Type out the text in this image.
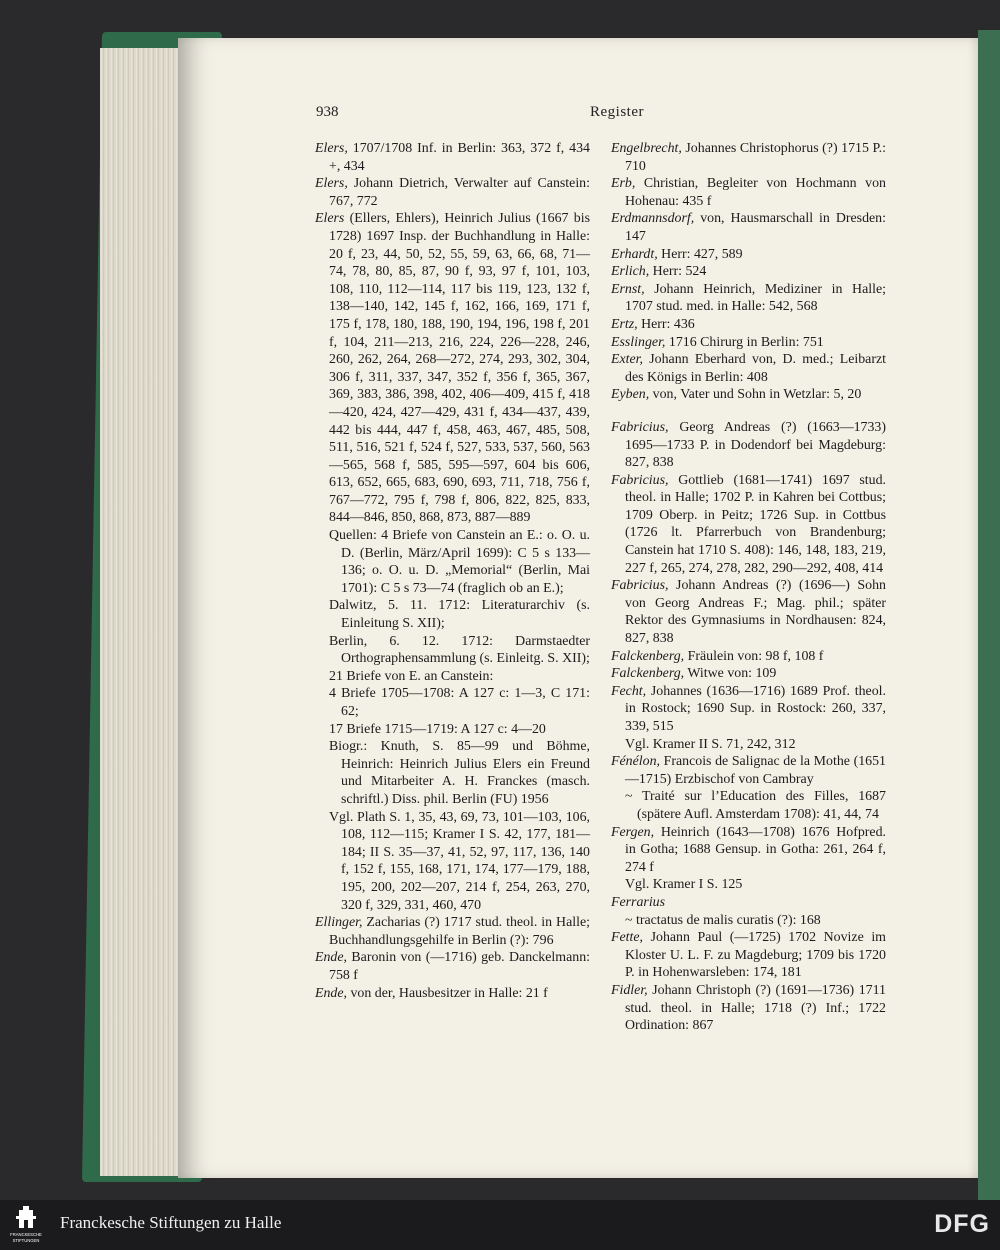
938	Register

Elers, 1707/1708 Inf. in Berlin: 363, 372 f, 434 +, 434

Elers, Johann Dietrich, Verwalter auf Canstein: 767, 772

Elers (Ellers, Ehlers), Heinrich Julius (1667 bis 1728) 1697 Insp. der Buchhandlung in Halle: 20 f, 23, 44, 50, 52, 55, 59, 63, 66, 68, 71—74, 78, 80, 85, 87, 90 f, 93, 97 f, 101, 103, 108, 110, 112—114, 117 bis 119, 123, 132 f, 138—140, 142, 145 f, 162, 166, 169, 171 f, 175 f, 178, 180, 188, 190, 194, 196, 198 f, 201 f, 104, 211—213, 216, 224, 226—228, 246, 260, 262, 264, 268—272, 274, 293, 302, 304, 306 f, 311, 337, 347, 352 f, 356 f, 365, 367, 369, 383, 386, 398, 402, 406—409, 415 f, 418—420, 424, 427—429, 431 f, 434—437, 439, 442 bis 444, 447 f, 458, 463, 467, 485, 508, 511, 516, 521 f, 524 f, 527, 533, 537, 560, 563—565, 568 f, 585, 595—597, 604 bis 606, 613, 652, 665, 683, 690, 693, 711, 718, 756 f, 767—772, 795 f, 798 f, 806, 822, 825, 833, 844—846, 850, 868, 873, 887—889

Quellen: 4 Briefe von Canstein an E.: o. O. u. D. (Berlin, März/April 1699): C 5 s 133—136; o. O. u. D. „Memorial“ (Berlin, Mai 1701): C 5 s 73—74 (fraglich ob an E.);

Dalwitz, 5. 11. 1712: Literaturarchiv (s. Einleitung S. XII);

Berlin, 6. 12. 1712: Darmstaedter Orthographensammlung (s. Einleitg. S. XII);

21 Briefe von E. an Canstein:

4 Briefe 1705—1708: A 127 c: 1—3, C 171: 62;

17 Briefe 1715—1719: A 127 c: 4—20

Biogr.: Knuth, S. 85—99 und Böhme, Heinrich: Heinrich Julius Elers ein Freund und Mitarbeiter A. H. Franckes (masch. schriftl.) Diss. phil. Berlin (FU) 1956

Vgl. Plath S. 1, 35, 43, 69, 73, 101—103, 106, 108, 112—115; Kramer I S. 42, 177, 181—184; II S. 35—37, 41, 52, 97, 117, 136, 140 f, 152 f, 155, 168, 171, 174, 177—179, 188, 195, 200, 202—207, 214 f, 254, 263, 270, 320 f, 329, 331, 460, 470

Ellinger, Zacharias (?) 1717 stud. theol. in Halle; Buchhandlungsgehilfe in Berlin (?): 796

Ende, Baronin von (—1716) geb. Danckelmann: 758 f

Ende, von der, Hausbesitzer in Halle: 21 f

Engelbrecht, Johannes Christophorus (?) 1715 P.: 710

Erb, Christian, Begleiter von Hochmann von Hohenau: 435 f

Erdmannsdorf, von, Hausmarschall in Dresden: 147

Erhardt, Herr: 427, 589

Erlich, Herr: 524

Ernst, Johann Heinrich, Mediziner in Halle; 1707 stud. med. in Halle: 542, 568

Ertz, Herr: 436

Esslinger, 1716 Chirurg in Berlin: 751

Exter, Johann Eberhard von, D. med.; Leibarzt des Königs in Berlin: 408

Eyben, von, Vater und Sohn in Wetzlar: 5, 20

Fabricius, Georg Andreas (?) (1663—1733) 1695—1733 P. in Dodendorf bei Magdeburg: 827, 838

Fabricius, Gottlieb (1681—1741) 1697 stud. theol. in Halle; 1702 P. in Kahren bei Cottbus; 1709 Oberp. in Peitz; 1726 Sup. in Cottbus (1726 lt. Pfarrerbuch von Brandenburg; Canstein hat 1710 S. 408): 146, 148, 183, 219, 227 f, 265, 274, 278, 282, 290—292, 408, 414

Fabricius, Johann Andreas (?) (1696—) Sohn von Georg Andreas F.; Mag. phil.; später Rektor des Gymnasiums in Nordhausen: 824, 827, 838

Falckenberg, Fräulein von: 98 f, 108 f

Falckenberg, Witwe von: 109

Fecht, Johannes (1636—1716) 1689 Prof. theol. in Rostock; 1690 Sup. in Rostock: 260, 337, 339, 515

Vgl. Kramer II S. 71, 242, 312

Fénélon, Francois de Salignac de la Mothe (1651—1715) Erzbischof von Cambray

~ Traité sur l’Education des Filles, 1687 (spätere Aufl. Amsterdam 1708): 41, 44, 74

Fergen, Heinrich (1643—1708) 1676 Hofpred. in Gotha; 1688 Gensup. in Gotha: 261, 264 f, 274 f

Vgl. Kramer I S. 125

Ferrarius

~ tractatus de malis curatis (?): 168

Fette, Johann Paul (—1725) 1702 Novize im Kloster U. L. F. zu Magdeburg; 1709 bis 1720 P. in Hohenwarsleben: 174, 181

Fidler, Johann Christoph (?) (1691—1736) 1711 stud. theol. in Halle; 1718 (?) Inf.; 1722 Ordination: 867

FRANCKESCHE
STIFTUNGEN
Franckesche Stiftungen zu Halle	DFG
